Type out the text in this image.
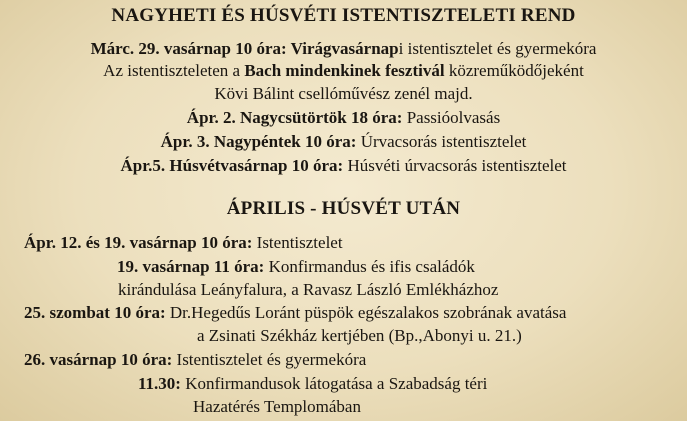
NAGYHETI ÉS HÚSVÉTI ISTENTISZTELETI REND
Márc. 29. vasárnap 10 óra: Virágvasárnapi istentisztelet és gyermekóra
Az istentiszteleten a Bach mindenkinek fesztivál közreműködőjeként
Kövi Bálint csellóművész zenél majd.
Ápr. 2. Nagycsütörtök 18 óra: Passióolvasás
Ápr. 3. Nagypéntek 10 óra: Úrvacsorás istentisztelet
Ápr.5. Húsvétvasárnap 10 óra: Húsvéti úrvacsorás istentisztelet
ÁPRILIS - HÚSVÉT UTÁN
Ápr. 12. és 19. vasárnap 10 óra: Istentisztelet
19. vasárnap 11 óra: Konfirmandus és ifis családók
kirándulása Leányfalura, a Ravasz László Emlékházhoz
25. szombat 10 óra: Dr.Hegedűs Loránt püspök egészalakos szobrának avatása
a Zsinati Székház kertjében (Bp.,Abonyi u. 21.)
26. vasárnap 10 óra: Istentisztelet és gyermekóra
11.30: Konfirmandusok látogatása a Szabadság téri
Hazatérés Templomában
